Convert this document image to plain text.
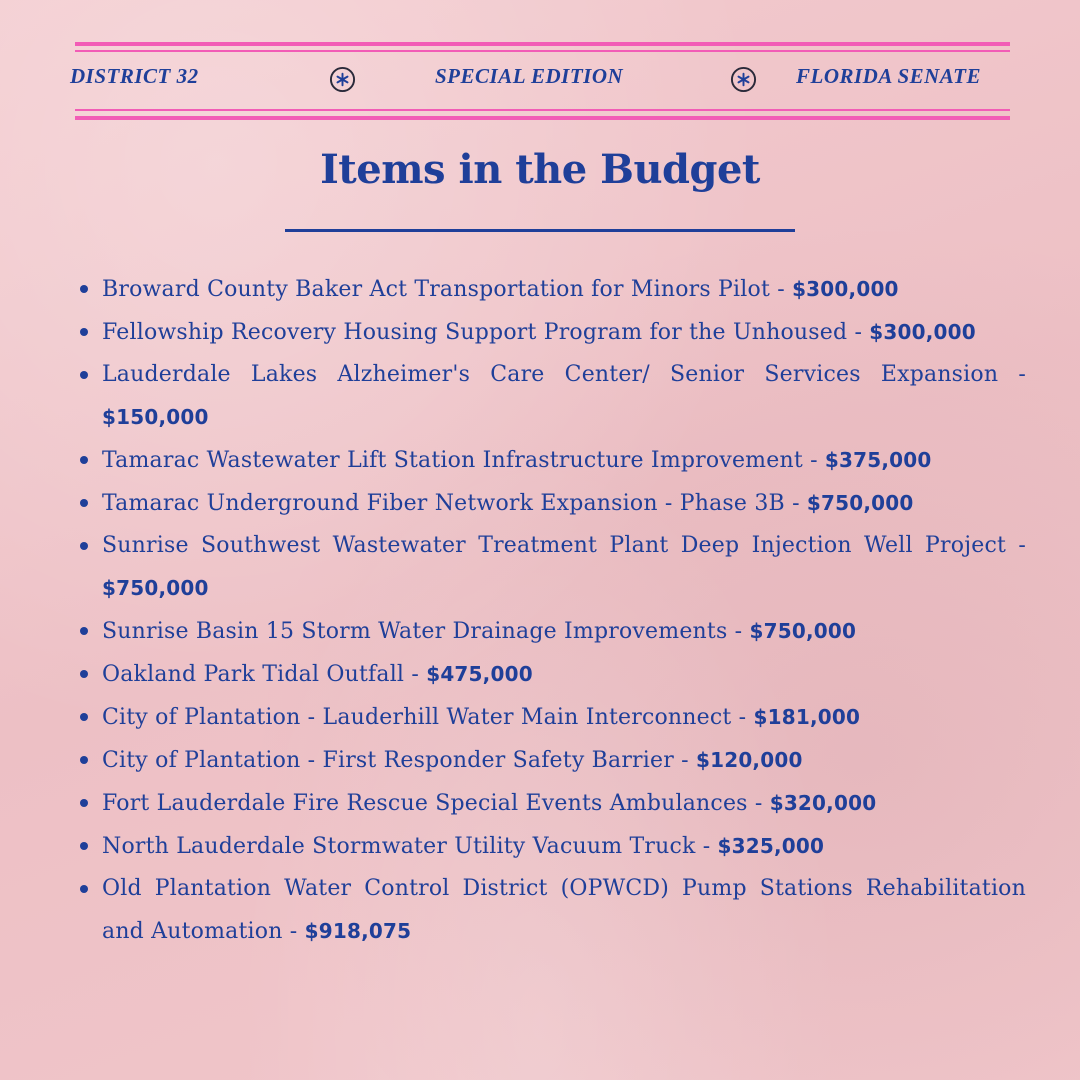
DISTRICT 32	SPECIAL EDITION	FLORIDA SENATE
Items in the Budget
Broward County Baker Act Transportation for Minors Pilot - $300,000
Fellowship Recovery Housing Support Program for the Unhoused - $300,000
Lauderdale Lakes Alzheimer's Care Center/ Senior Services Expansion - $150,000
Tamarac Wastewater Lift Station Infrastructure Improvement - $375,000
Tamarac Underground Fiber Network Expansion - Phase 3B - $750,000
Sunrise Southwest Wastewater Treatment Plant Deep Injection Well Project - $750,000
Sunrise Basin 15 Storm Water Drainage Improvements - $750,000
Oakland Park Tidal Outfall - $475,000
City of Plantation - Lauderhill Water Main Interconnect - $181,000
City of Plantation - First Responder Safety Barrier - $120,000
Fort Lauderdale Fire Rescue Special Events Ambulances - $320,000
North Lauderdale Stormwater Utility Vacuum Truck - $325,000
Old Plantation Water Control District (OPWCD) Pump Stations Rehabilitation and Automation - $918,075
